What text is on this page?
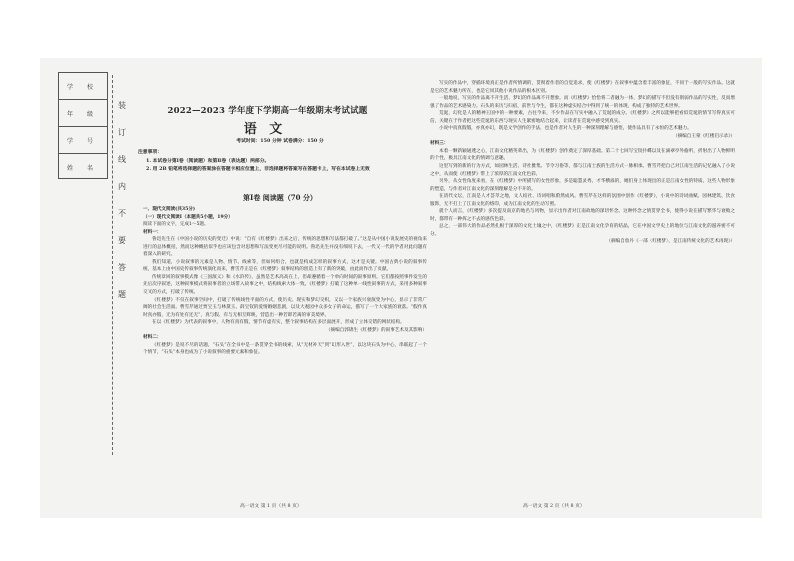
学 校
年 级
学 号
姓 名
装
订
线
内
不
要
答
题
2022—2023 学年度下学期高一年级期末考试试题
语 文
考试时间：150 分钟 试卷满分：150 分
注意事项：
1. 本试卷分第Ⅰ卷（阅读题）和第Ⅱ卷（表达题）两部分。
2. 用 2B 铅笔将选择题的答案涂在答题卡相应位置上，非选择题将答案写在答题卡上，写在本试卷上无效
第Ⅰ卷 阅读题（70 分）

一、现代文阅读(共35分)

（一）现代文阅读Ⅰ（本题共5小题，19分）

阅读下面的文字，完成1～5题。

材料一：

鲁迅先生在《中国小说的历史的变迁》中说：“自有《红楼梦》出来之后，传统的思想和写法都打破了。”这是从中国小说发展史的视角来进行的总体概括，然而这种概括似乎也应该包含对思想和写法变更尽可能的说明。鲁迅先生并没有细说下去，一代又一代的学者对此问题有着深入的研究。

我们知道，小说叙事的元素是人物、情节、线索等，但如何组合，也就是构成怎样的叙事方式，这才是关键。中国古典小说的叙事传统，基本上由中国史传叙事传统演化而来，曹雪芹正是在《红楼梦》叙事结构的创造上有了新的突破，由此而作出了贡献。

传统章回的叙事模式像《三国演义》和《水浒传》，虽然是艺术高高在上，但却遵循着一个单向时间的叙事原则。它们都按照事件发生的先后次序叙述，这种叙事模式将叙事者的立场带入故事之中，结构线索大体一致。《红楼梦》打破了这种单一线性叙事的方式，采用多种叙事交叉的方式，打破了传统。

《红楼梦》不仅在叙事空间中，打破了传统线性平面的方式，使历史、现实和梦幻交织，又以一个家族兴衰演变为中心，显示了非常广阔的社会生活面。曹雪芹通过贾宝玉与林黛玉、薛宝钗的爱情婚姻悲剧，以及大观园中众多女子的命运，描写了一个大家族的衰落。“假作真时真亦假，无为有处有还无”，真与假、有与无相互辉映，营造出一种若即若离的审美境界。

在以《红楼梦》为代表的叙事中，人物有真有假，情节有虚有实，整个叙事结构在多层面展开，形成了立体交错的网状结构。

（摘编自郭锦生《红楼梦》的叙事艺术及其影响）

材料二：

《红楼梦》是说不尽的话题，“石头”在全书中是一条贯穿全书的线索，从“无材补天”到“幻形入世”，以这块石头为中心，串联起了一个个情节，“石头”本身也成为了小说叙事的重要元素和象征。

写实的作品中，穿插环境真正是作者所情调的，贯彻着作者的自觉追求，使《红楼梦》在叙事中蕴含着丰富的象征，不同于一般的写实作品。这就是它的艺术魅力所在，也是它同其他小说作品的根本区别。

一般地说，写实的作品离不开生活，梦幻的作品离不开想象。而《红楼梦》恰恰将二者融为一体，梦幻的描写不但没有削弱作品的写实性，反而增强了作品的艺术感染力。石头的来历与归宿，前世与今生，都在这种虚实结合中得到了统一的体现，构成了独特的艺术世界。

荒诞，幻化是人的精神王国中的一种要素，古往今来，不少作品在写实中融入了荒诞的成分。《红楼梦》之所以能够把看似荒诞的情节写得真实可信，关键在于作者把这些荒诞的东西与现实人生紧密地结合起来，让读者在荒诞中感受到真实。

小说中真真假假，亦真亦幻，既是文学创作的手法，也是作者对人生的一种深刻理解与感悟，使作品具有了永恒的艺术魅力。

（摘编自王蒙《红楼启示录》）

材料三：

本着一颗新颖通透之心，江南文化精英辈出，为《红楼梦》创作奠定了深厚基础。第二十七回写宝钗扑蝶以及在滴翠亭外偷听，折射出了人物鲜明的个性，极具江南文化的情调与意趣。

这里写到的新的行为方式，如园林生活、诗社雅集、节令习俗等，都与江南士族的生活方式一脉相承。曹雪芹把自己对江南生活的记忆融入了小说之中，从而使《红楼梦》带上了浓厚的江南文化色彩。

另外，从女性角度来看，在《红楼梦》中所描写的女性形象，多是聪慧灵秀、才华横溢的，她们身上体现出的正是江南女性的特质。这些人物形象的塑造，与作者对江南文化的深刻理解是分不开的。

在清代文坛，江南是人才荟萃之地，文人结社、诗词唱和蔚然成风。曹雪芹在这样的氛围中创作《红楼梦》，小说中的诗词曲赋、园林建筑、饮食服饰，无不打上了江南文化的烙印，成为江南文化的生动写照。

就个人而言，《红楼梦》多次提及南京的地名与风物，显示出作者对江南故地的深切怀念。这种怀念之情贯穿全书，使得小说在描写繁华与衰败之时，都带有一种挥之不去的感伤色彩。

总之，一部伟大的作品必然扎根于深厚的文化土壤之中，《红楼梦》正是江南文化孕育的结晶，它在中国文学史上的地位与江南文化的滋养密不可分。

（摘编自詹丹《一部〈红楼梦〉，是江南传统文化的艺术再现》）

高一语文 第 1 页（共 8 页）	高一语文 第 2 页（共 8 页）
